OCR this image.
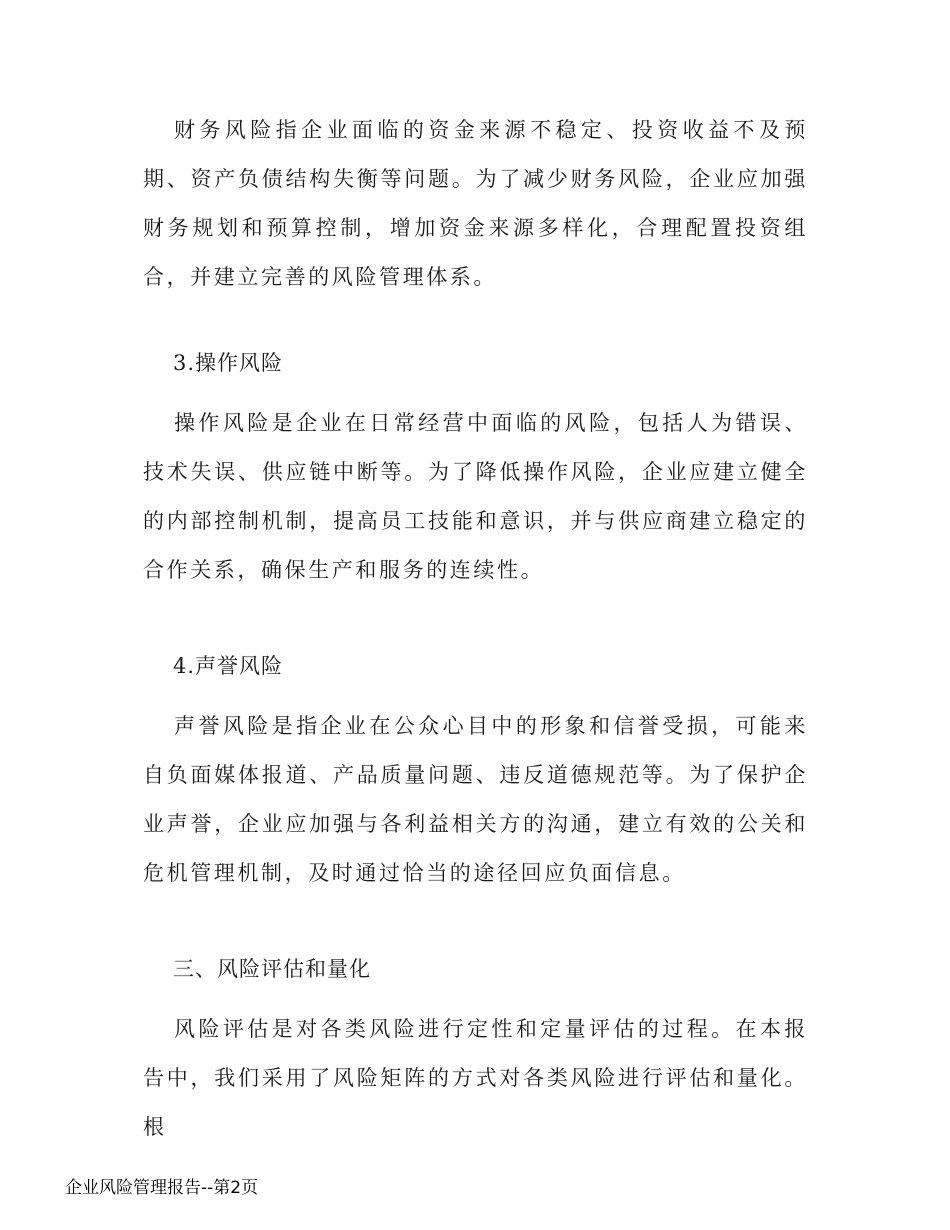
财务风险指企业面临的资金来源不稳定、投资收益不及预期、资产负债结构失衡等问题。为了减少财务风险，企业应加强财务规划和预算控制，增加资金来源多样化，合理配置投资组合，并建立完善的风险管理体系。

3.操作风险

操作风险是企业在日常经营中面临的风险，包括人为错误、技术失误、供应链中断等。为了降低操作风险，企业应建立健全的内部控制机制，提高员工技能和意识，并与供应商建立稳定的合作关系，确保生产和服务的连续性。

4.声誉风险

声誉风险是指企业在公众心目中的形象和信誉受损，可能来自负面媒体报道、产品质量问题、违反道德规范等。为了保护企业声誉，企业应加强与各利益相关方的沟通，建立有效的公关和危机管理机制，及时通过恰当的途径回应负面信息。

三、风险评估和量化

风险评估是对各类风险进行定性和定量评估的过程。在本报告中，我们采用了风险矩阵的方式对各类风险进行评估和量化。根

企业风险管理报告--第2页
